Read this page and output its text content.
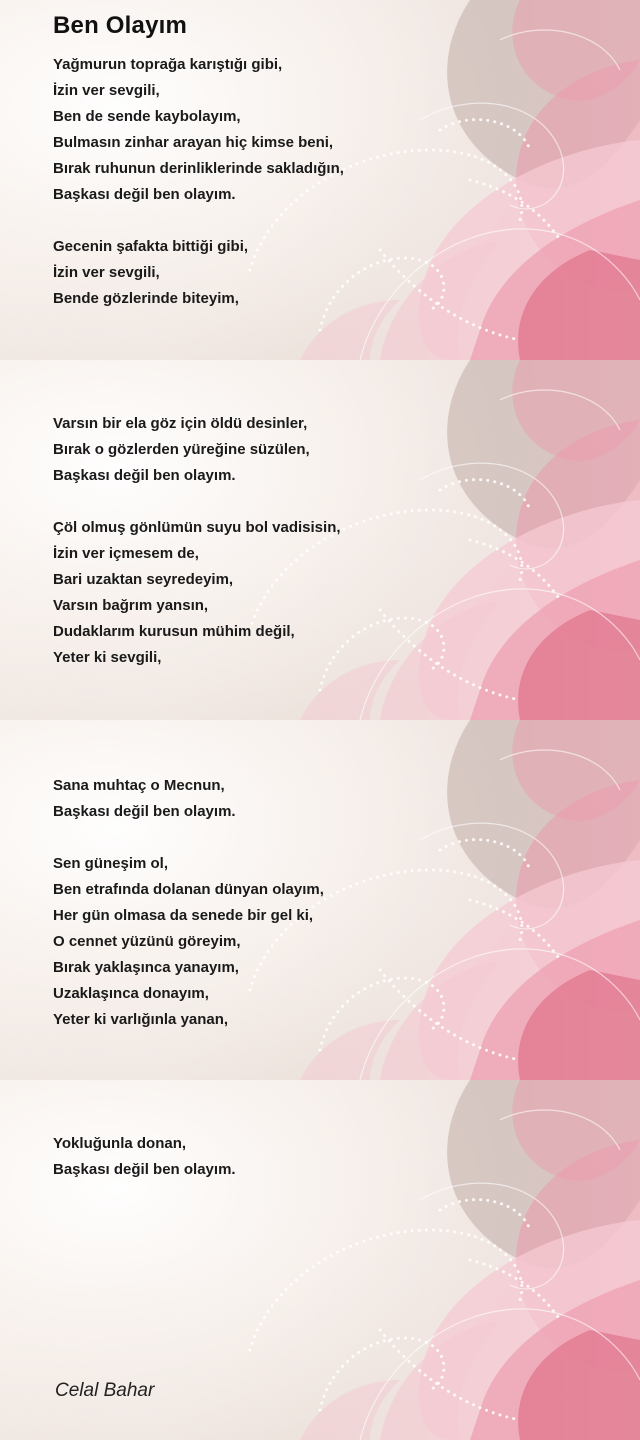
Ben Olayım
Yağmurun toprağa karıştığı gibi,
İzin ver sevgili,
Ben de sende kaybolayım,
Bulmasın zinhar arayan hiç kimse beni,
Bırak ruhunun derinliklerinde sakladığın,
Başkası değil ben olayım.
Gecenin şafakta bittiği gibi,
İzin ver sevgili,
Bende gözlerinde biteyim,
Varsın bir ela göz için öldü desinler,
Bırak o gözlerden yüreğine süzülen,
Başkası değil ben olayım.
Çöl olmuş gönlümün suyu bol vadisisin,
İzin ver içmesem de,
Bari uzaktan seyredeyim,
Varsın bağrım yansın,
Dudaklarım kurusun mühim değil,
Yeter ki sevgili,
Sana muhtaç o Mecnun,
Başkası değil ben olayım.
Sen güneşim ol,
Ben etrafında dolanan dünyan olayım,
Her gün olmasa da senede bir gel ki,
O cennet yüzünü göreyim,
Bırak yaklaşınca yanayım,
Uzaklaşınca donayım,
Yeter ki varlığınla yanan,
Yokluğunla donan,
Başkası değil ben olayım.
Celal Bahar
